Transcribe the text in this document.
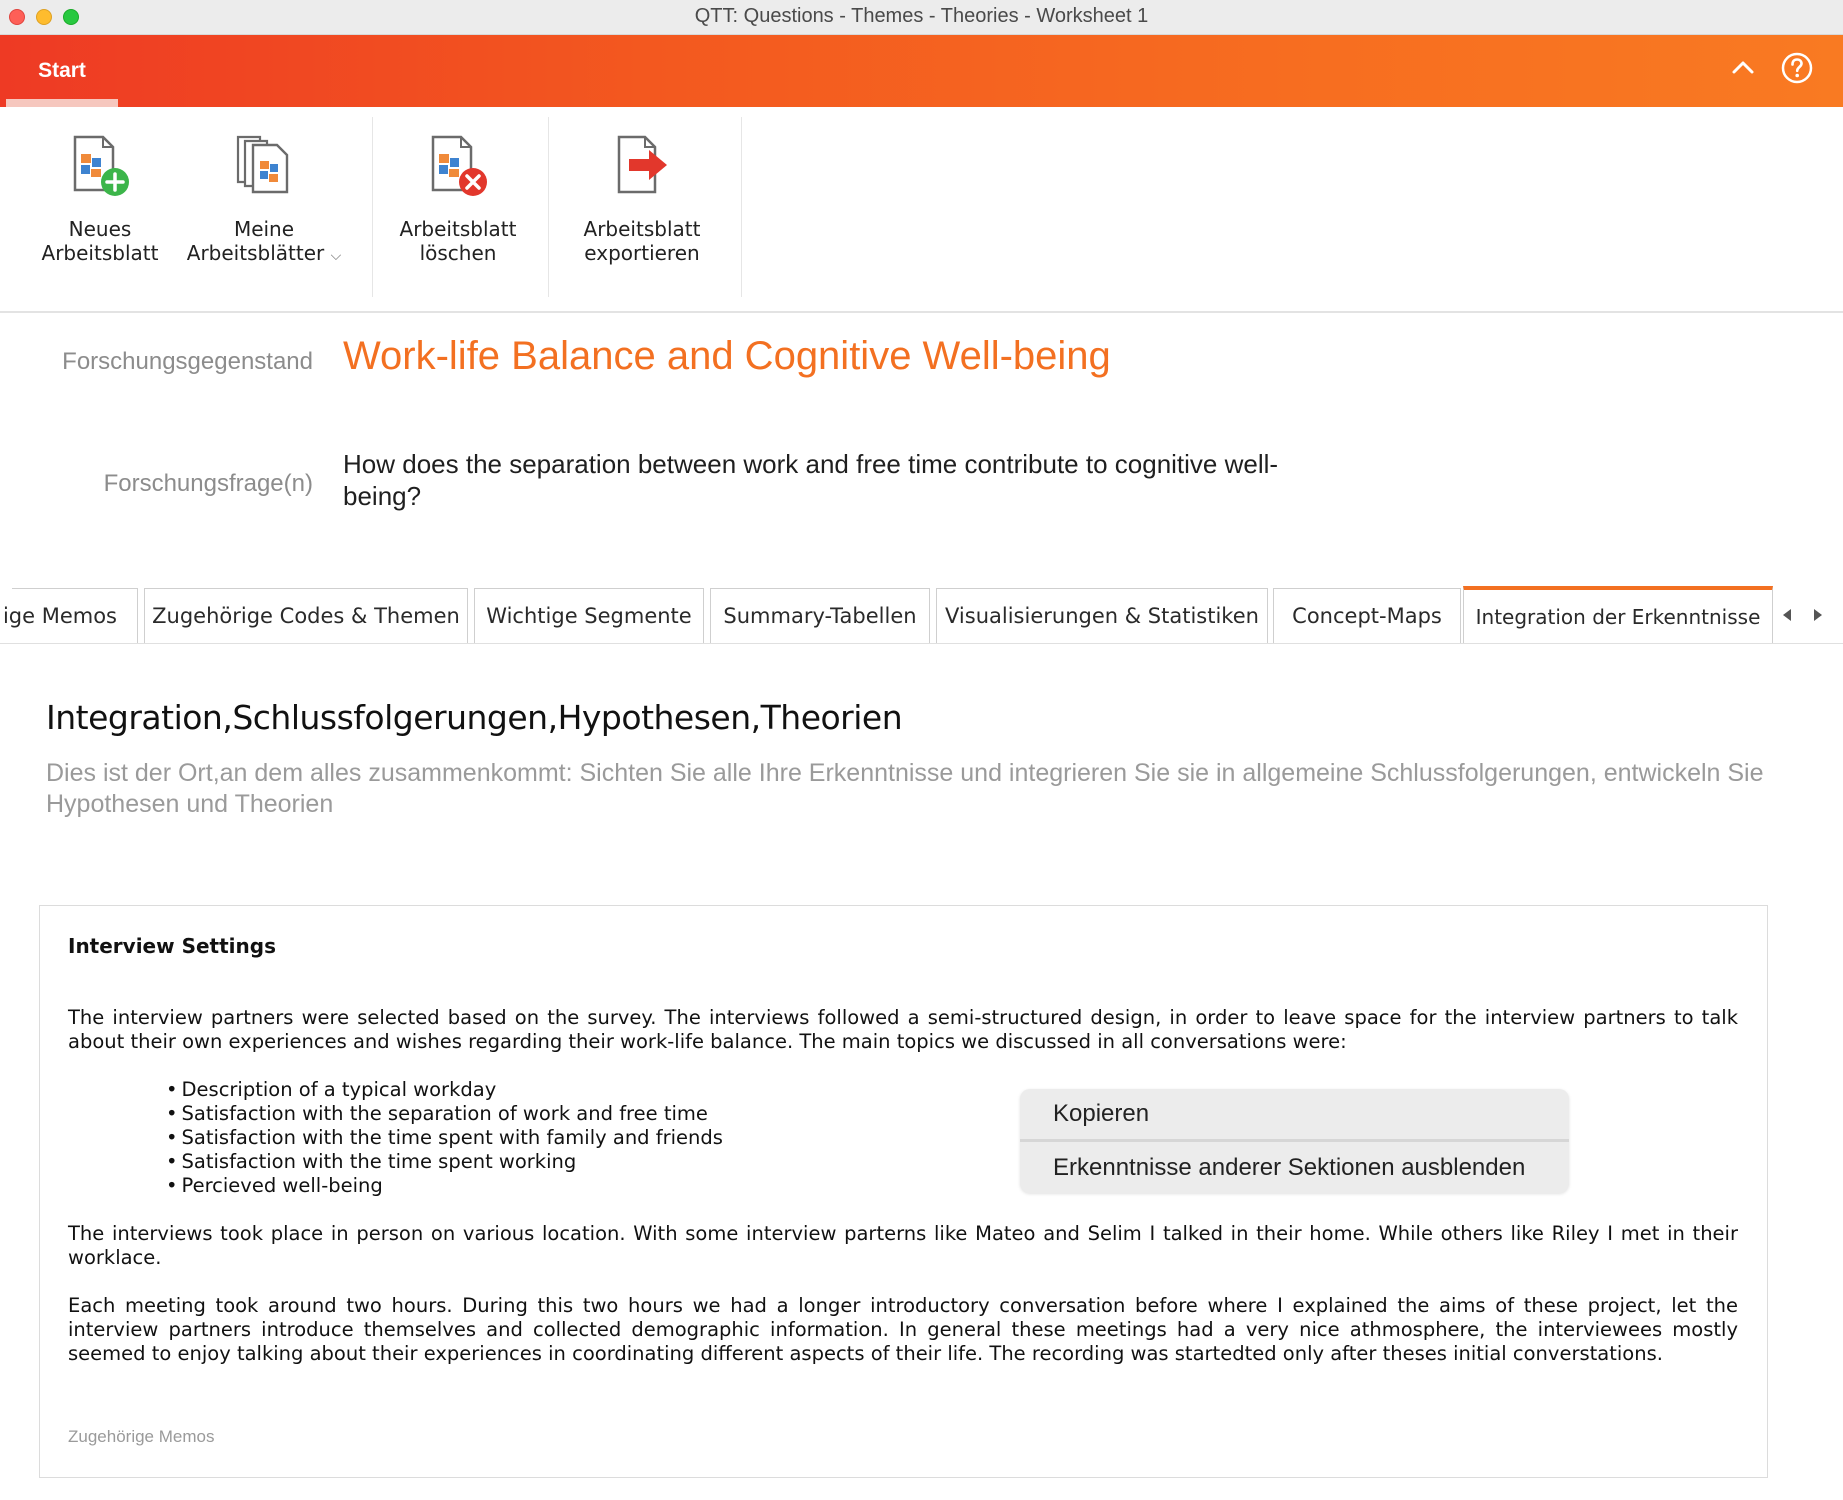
QTT: Questions - Themes - Theories - Worksheet 1
Start
Neues
Arbeitsblatt
Meine
Arbeitsblätter ⌵
Arbeitsblatt
löschen
Arbeitsblatt
exportieren
Forschungsgegenstand Work-life Balance and Cognitive Well-being
Forschungsfrage(n)
How does the separation between work and free time contribute to cognitive well-being?
ige Memos Zugehörige Codes & Themen Wichtige Segmente Summary-Tabellen Visualisierungen & Statistiken Concept-Maps Integration der Erkenntnisse
Integration,Schlussfolgerungen,Hypothesen,Theorien
Dies ist der Ort,an dem alles zusammenkommt: Sichten Sie alle Ihre Erkenntnisse und integrieren Sie sie in allgemeine Schlussfolgerungen, entwickeln Sie Hypothesen und Theorien
Interview Settings

The interview partners were selected based on the survey. The interviews followed a semi-structured design, in order to leave space for the interview partners to talk about their own experiences and wishes regarding their work-life balance. The main topics we discussed in all conversations were:

• Description of a typical workday
• Satisfaction with the separation of work and free time
• Satisfaction with the time spent with family and friends
• Satisfaction with the time spent working
• Percieved well-being

The interviews took place in person on various location. With some interview parterns like Mateo and Selim I talked in their home. While others like Riley I met in their worklace.

Each meeting took around two hours. During this two hours we had a longer introductory conversation before where I explained the aims of these project, let the interview partners introduce themselves and collected demographic information. In general these meetings had a very nice athmosphere, the interviewees mostly seemed to enjoy talking about their experiences in coordinating different aspects of their life. The recording was startedted only after theses initial converstations.

Zugehörige Memos
Kopieren
Erkenntnisse anderer Sektionen ausblenden
